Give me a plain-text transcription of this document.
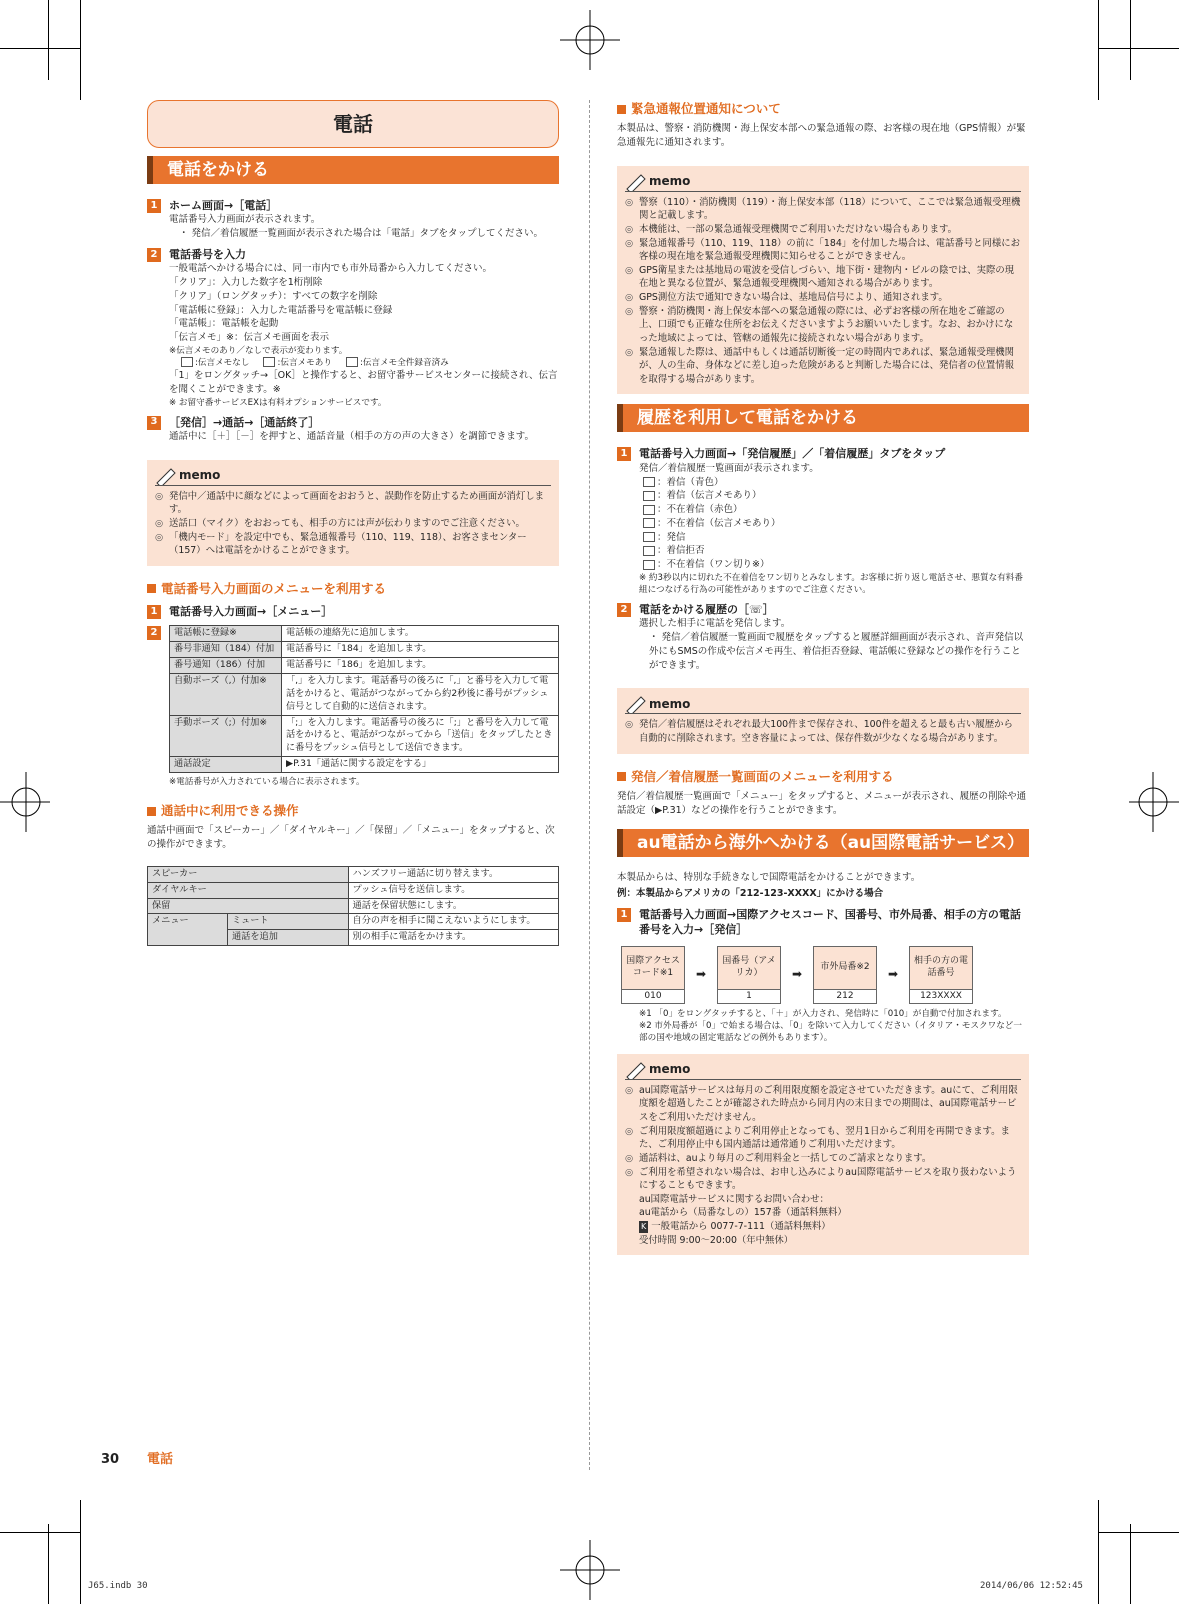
電話
電話をかける
1	ホーム画面→［電話］
電話番号入力画面が表示されます。
・ 発信／着信履歴一覧画面が表示された場合は「電話」タブをタップしてください。
2	電話番号を入力
一般電話へかける場合には、同一市内でも市外局番から入力してください。
「クリア」：入力した数字を1桁削除
「クリア」（ロングタッチ）：すべての数字を削除
「電話帳に登録」：入力した電話番号を電話帳に登録
「電話帳」：電話帳を起動
「伝言メモ」※：伝言メモ画面を表示
※伝言メモのあり／なしで表示が変わります。
:伝言メモなし	:伝言メモあり	:伝言メモ全件録音済み
「1」をロングタッチ→［OK］と操作すると、お留守番サービスセンターに接続され、伝言を聞くことができます。※
※ お留守番サービスEXは有料オプションサービスです。
3	［発信］→通話→［通話終了］
通話中に［＋］［－］を押すと、通話音量（相手の方の声の大きさ）を調節できます。
memo
◎ 発信中／通話中に顔などによって画面をおおうと、誤動作を防止するため画面が消灯します。
◎ 送話口（マイク）をおおっても、相手の方には声が伝わりますのでご注意ください。
◎ 「機内モード」を設定中でも、緊急通報番号（110、119、118）、お客さまセンター（157）へは電話をかけることができます。
電話番号入力画面のメニューを利用する
1	電話番号入力画面→［メニュー］
2	電話帳に登録※	電話帳の連絡先に追加します。
番号非通知（184）付加	電話番号に「184」を追加します。
番号通知（186）付加	電話番号に「186」を追加します。
自動ポーズ（,）付加※	「,」を入力します。電話番号の後ろに「,」と番号を入力して電話をかけると、電話がつながってから約2秒後に番号がプッシュ信号として自動的に送信されます。
手動ポーズ（;）付加※	「;」を入力します。電話番号の後ろに「;」と番号を入力して電話をかけると、電話がつながってから「送信」をタップしたときに番号をプッシュ信号として送信できます。
通話設定	▶P.31「通話に関する設定をする」
※電話番号が入力されている場合に表示されます。
通話中に利用できる操作
通話中画面で「スピーカー」／「ダイヤルキー」／「保留」／「メニュー」をタップすると、次の操作ができます。
スピーカー		ハンズフリー通話に切り替えます。
ダイヤルキー		プッシュ信号を送信します。
保留		通話を保留状態にします。
メニュー	ミュート	自分の声を相手に聞こえないようにします。
	通話を追加	別の相手に電話をかけます。
緊急通報位置通知について
本製品は、警察・消防機関・海上保安本部への緊急通報の際、お客様の現在地（GPS情報）が緊急通報先に通知されます。
memo
◎ 警察（110）・消防機関（119）・海上保安本部（118）について、ここでは緊急通報受理機関と記載します。
◎ 本機能は、一部の緊急通報受理機関でご利用いただけない場合もあります。
◎ 緊急通報番号（110、119、118）の前に「184」を付加した場合は、電話番号と同様にお客様の現在地を緊急通報受理機関に知らせることができません。
◎ GPS衛星または基地局の電波を受信しづらい、地下街・建物内・ビルの陰では、実際の現在地と異なる位置が、緊急通報受理機関へ通知される場合があります。
◎ GPS測位方法で通知できない場合は、基地局信号により、通知されます。
◎ 警察・消防機関・海上保安本部への緊急通報の際には、必ずお客様の所在地をご確認の上、口頭でも正確な住所をお伝えくださいますようお願いいたします。なお、おかけになった地域によっては、管轄の通報先に接続されない場合があります。
◎ 緊急通報した際は、通話中もしくは通話切断後一定の時間内であれば、緊急通報受理機関が、人の生命、身体などに差し迫った危険があると判断した場合には、発信者の位置情報を取得する場合があります。
履歴を利用して電話をかける
1	電話番号入力画面→「発信履歴」／「着信履歴」タブをタップ
発信／着信履歴一覧画面が表示されます。
：着信（青色）
：着信（伝言メモあり）
：不在着信（赤色）
：不在着信（伝言メモあり）
：発信
：着信拒否
：不在着信（ワン切り※）
※ 約3秒以内に切れた不在着信をワン切りとみなします。お客様に折り返し電話させ、悪質な有料番組につなげる行為の可能性がありますのでご注意ください。
2	電話をかける履歴の［☏］
選択した相手に電話を発信します。
・ 発信／着信履歴一覧画面で履歴をタップすると履歴詳細画面が表示され、音声発信以外にもSMSの作成や伝言メモ再生、着信拒否登録、電話帳に登録などの操作を行うことができます。
memo
◎ 発信／着信履歴はそれぞれ最大100件まで保存され、100件を超えると最も古い履歴から自動的に削除されます。空き容量によっては、保存件数が少なくなる場合があります。
発信／着信履歴一覧画面のメニューを利用する
発信／着信履歴一覧画面で「メニュー」をタップすると、メニューが表示され、履歴の削除や通話設定（▶P.31）などの操作を行うことができます。
au電話から海外へかける（au国際電話サービス）
本製品からは、特別な手続きなしで国際電話をかけることができます。
例：本製品からアメリカの「212-123-XXXX」にかける場合
1	電話番号入力画面→国際アクセスコード、国番号、市外局番、相手の方の電話番号を入力→［発信］
国際アクセスコード※1
010
➡
国番号（アメリカ）
1
➡
市外局番※2
212
➡
相手の方の電話番号
123XXXX
※1 「0」をロングタッチすると、「＋」が入力され、発信時に「010」が自動で付加されます。
※2 市外局番が「0」で始まる場合は、「0」を除いて入力してください（イタリア・モスクワなど一部の国や地域の固定電話などの例外もあります）。
memo
◎ au国際電話サービスは毎月のご利用限度額を設定させていただきます。auにて、ご利用限度額を超過したことが確認された時点から同月内の末日までの期間は、au国際電話サービスをご利用いただけません。
◎ ご利用限度額超過によりご利用停止となっても、翌月1日からご利用を再開できます。また、ご利用停止中も国内通話は通常通りご利用いただけます。
◎ 通話料は、auより毎月のご利用料金と一括してのご請求となります。
◎ ご利用を希望されない場合は、お申し込みによりau国際電話サービスを取り扱わないようにすることもできます。
au国際電話サービスに関するお問い合わせ：
au電話から（局番なしの）157番（通話料無料）
K 一般電話から 0077-7-111（通話料無料）
受付時間 9:00～20:00（年中無休）
30 電話
J65.indb 30	2014/06/06 12:52:45
